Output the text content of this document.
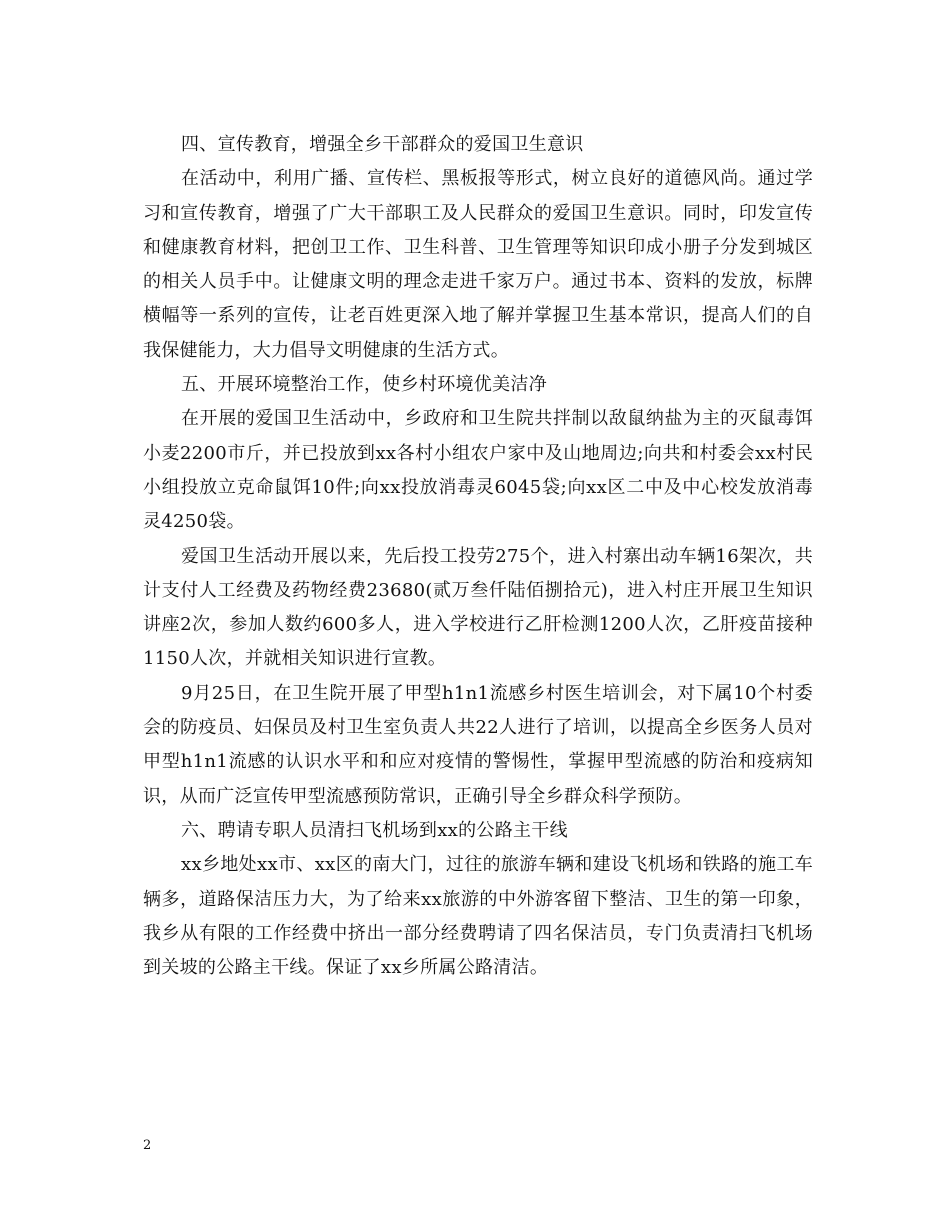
四、宣传教育，增强全乡干部群众的爱国卫生意识

在活动中，利用广播、宣传栏、黑板报等形式，树立良好的道德风尚。通过学习和宣传教育，增强了广大干部职工及人民群众的爱国卫生意识。同时，印发宣传和健康教育材料，把创卫工作、卫生科普、卫生管理等知识印成小册子分发到城区的相关人员手中。让健康文明的理念走进千家万户。通过书本、资料的发放，标牌横幅等一系列的宣传，让老百姓更深入地了解并掌握卫生基本常识，提高人们的自我保健能力，大力倡导文明健康的生活方式。

五、开展环境整治工作，使乡村环境优美洁净

在开展的爱国卫生活动中，乡政府和卫生院共拌制以敌鼠纳盐为主的灭鼠毒饵小麦2200市斤，并已投放到xx各村小组农户家中及山地周边;向共和村委会xx村民小组投放立克命鼠饵10件;向xx投放消毒灵6045袋;向xx区二中及中心校发放消毒灵4250袋。

爱国卫生活动开展以来，先后投工投劳275个，进入村寨出动车辆16架次，共计支付人工经费及药物经费23680(贰万叁仟陆佰捌拾元)，进入村庄开展卫生知识讲座2次，参加人数约600多人，进入学校进行乙肝检测1200人次，乙肝疫苗接种1150人次，并就相关知识进行宣教。

9月25日，在卫生院开展了甲型h1n1流感乡村医生培训会，对下属10个村委会的防疫员、妇保员及村卫生室负责人共22人进行了培训，以提高全乡医务人员对甲型h1n1流感的认识水平和和应对疫情的警惕性，掌握甲型流感的防治和疫病知识，从而广泛宣传甲型流感预防常识，正确引导全乡群众科学预防。

六、聘请专职人员清扫飞机场到xx的公路主干线

xx乡地处xx市、xx区的南大门，过往的旅游车辆和建设飞机场和铁路的施工车辆多，道路保洁压力大，为了给来xx旅游的中外游客留下整洁、卫生的第一印象，我乡从有限的工作经费中挤出一部分经费聘请了四名保洁员，专门负责清扫飞机场到关坡的公路主干线。保证了xx乡所属公路清洁。

2
